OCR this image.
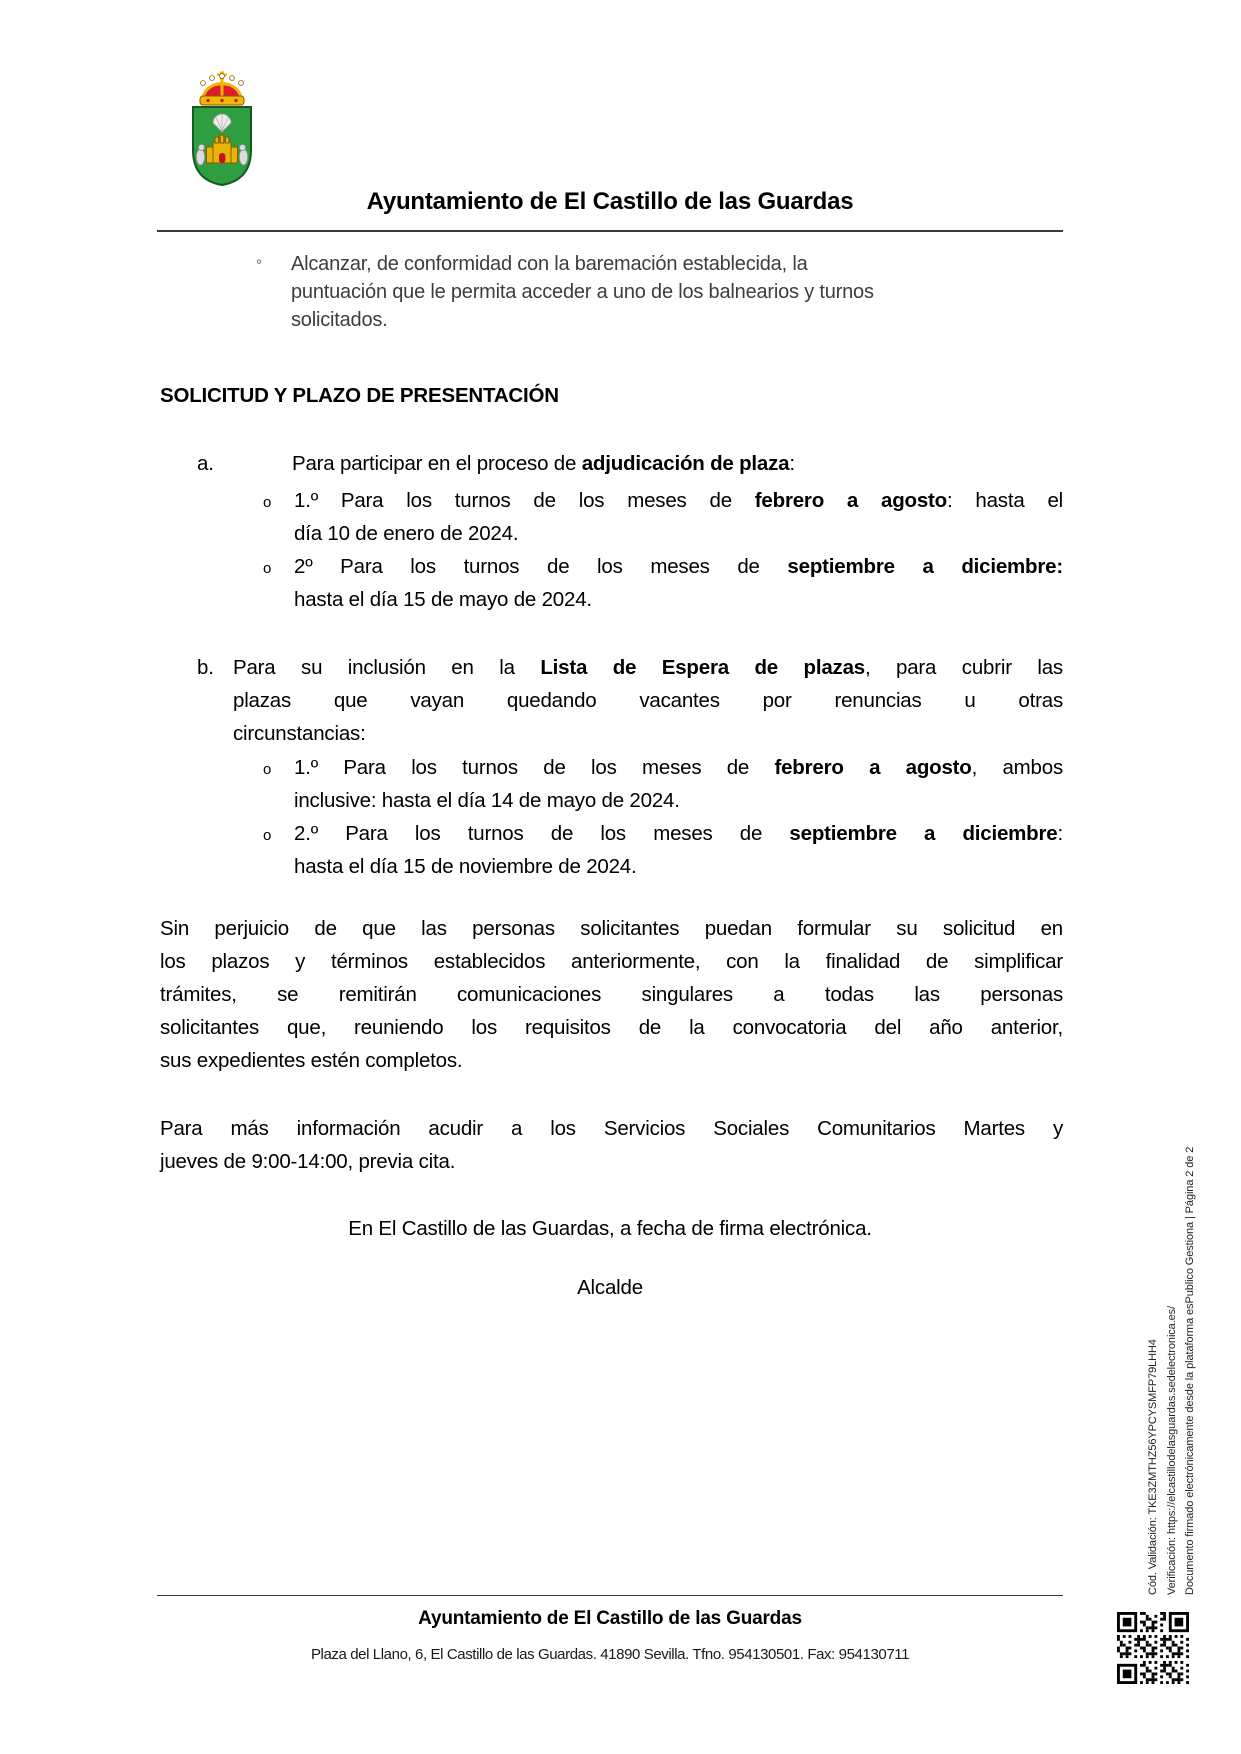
Ayuntamiento de El Castillo de las Guardas
◦ Alcanzar, de conformidad con la baremación establecida, la
puntuación que le permita acceder a uno de los balnearios y turnos
solicitados.
SOLICITUD Y PLAZO DE PRESENTACIÓN
a.	Para participar en el proceso de adjudicación de plaza:
o 1.º Para los turnos de los meses de febrero a agosto: hasta el
día 10 de enero de 2024.
o 2º Para los turnos de los meses de septiembre a diciembre:
hasta el día 15 de mayo de 2024.
b. Para su inclusión en la Lista de Espera de plazas, para cubrir las
plazas que vayan quedando vacantes por renuncias u otras
circunstancias:
o 1.º Para los turnos de los meses de febrero a agosto, ambos
inclusive: hasta el día 14 de mayo de 2024.
o 2.º Para los turnos de los meses de septiembre a diciembre:
hasta el día 15 de noviembre de 2024.
Sin perjuicio de que las personas solicitantes puedan formular su solicitud en
los plazos y términos establecidos anteriormente, con la finalidad de simplificar
trámites, se remitirán comunicaciones singulares a todas las personas
solicitantes que, reuniendo los requisitos de la convocatoria del año anterior,
sus expedientes estén completos.
Para más información acudir a los Servicios Sociales Comunitarios Martes y
jueves de 9:00-14:00, previa cita.
En El Castillo de las Guardas, a fecha de firma electrónica.
Alcalde
Ayuntamiento de El Castillo de las Guardas
Plaza del Llano, 6, El Castillo de las Guardas. 41890 Sevilla. Tfno. 954130501. Fax: 954130711
Cód. Validación: TKE3ZMTHZ56YPCYSMFP79LHH4 Verificación: https://elcastillodelasguardas.sedelectronica.es/ Documento firmado electrónicamente desde la plataforma esPublico Gestiona | Página 2 de 2
